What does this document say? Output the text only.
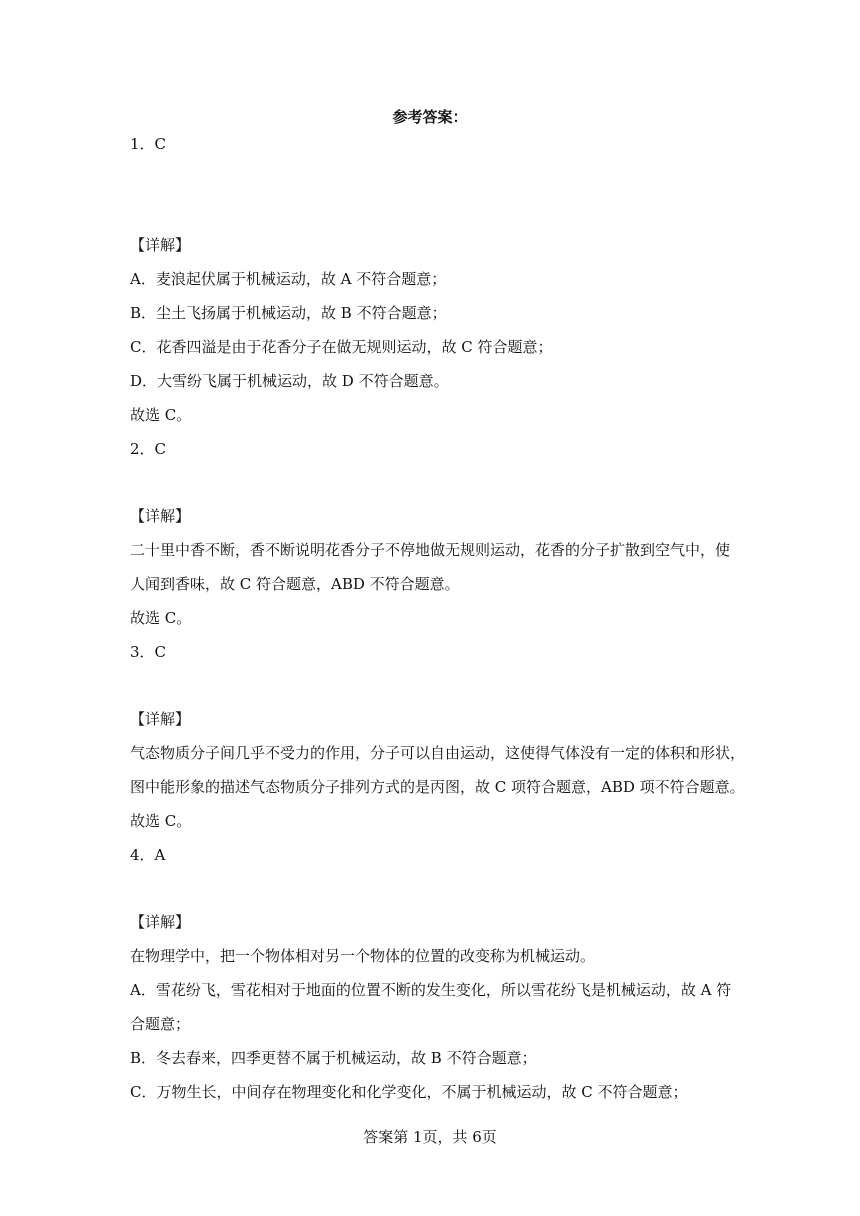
参考答案：
1．C
【详解】
A．麦浪起伏属于机械运动，故 A 不符合题意；
B．尘土飞扬属于机械运动，故 B 不符合题意；
C．花香四溢是由于花香分子在做无规则运动，故 C 符合题意；
D．大雪纷飞属于机械运动，故 D 不符合题意。
故选 C。
2．C
【详解】
二十里中香不断，香不断说明花香分子不停地做无规则运动，花香的分子扩散到空气中，使
人闻到香味，故 C 符合题意，ABD 不符合题意。
故选 C。
3．C
【详解】
气态物质分子间几乎不受力的作用，分子可以自由运动，这使得气体没有一定的体积和形状，
图中能形象的描述气态物质分子排列方式的是丙图，故 C 项符合题意，ABD 项不符合题意。
故选 C。
4．A
【详解】
在物理学中，把一个物体相对另一个物体的位置的改变称为机械运动。
A．雪花纷飞，雪花相对于地面的位置不断的发生变化，所以雪花纷飞是机械运动，故 A 符
合题意；
B．冬去春来，四季更替不属于机械运动，故 B 不符合题意；
C．万物生长，中间存在物理变化和化学变化，不属于机械运动，故 C 不符合题意；
答案第 1页，共 6页
